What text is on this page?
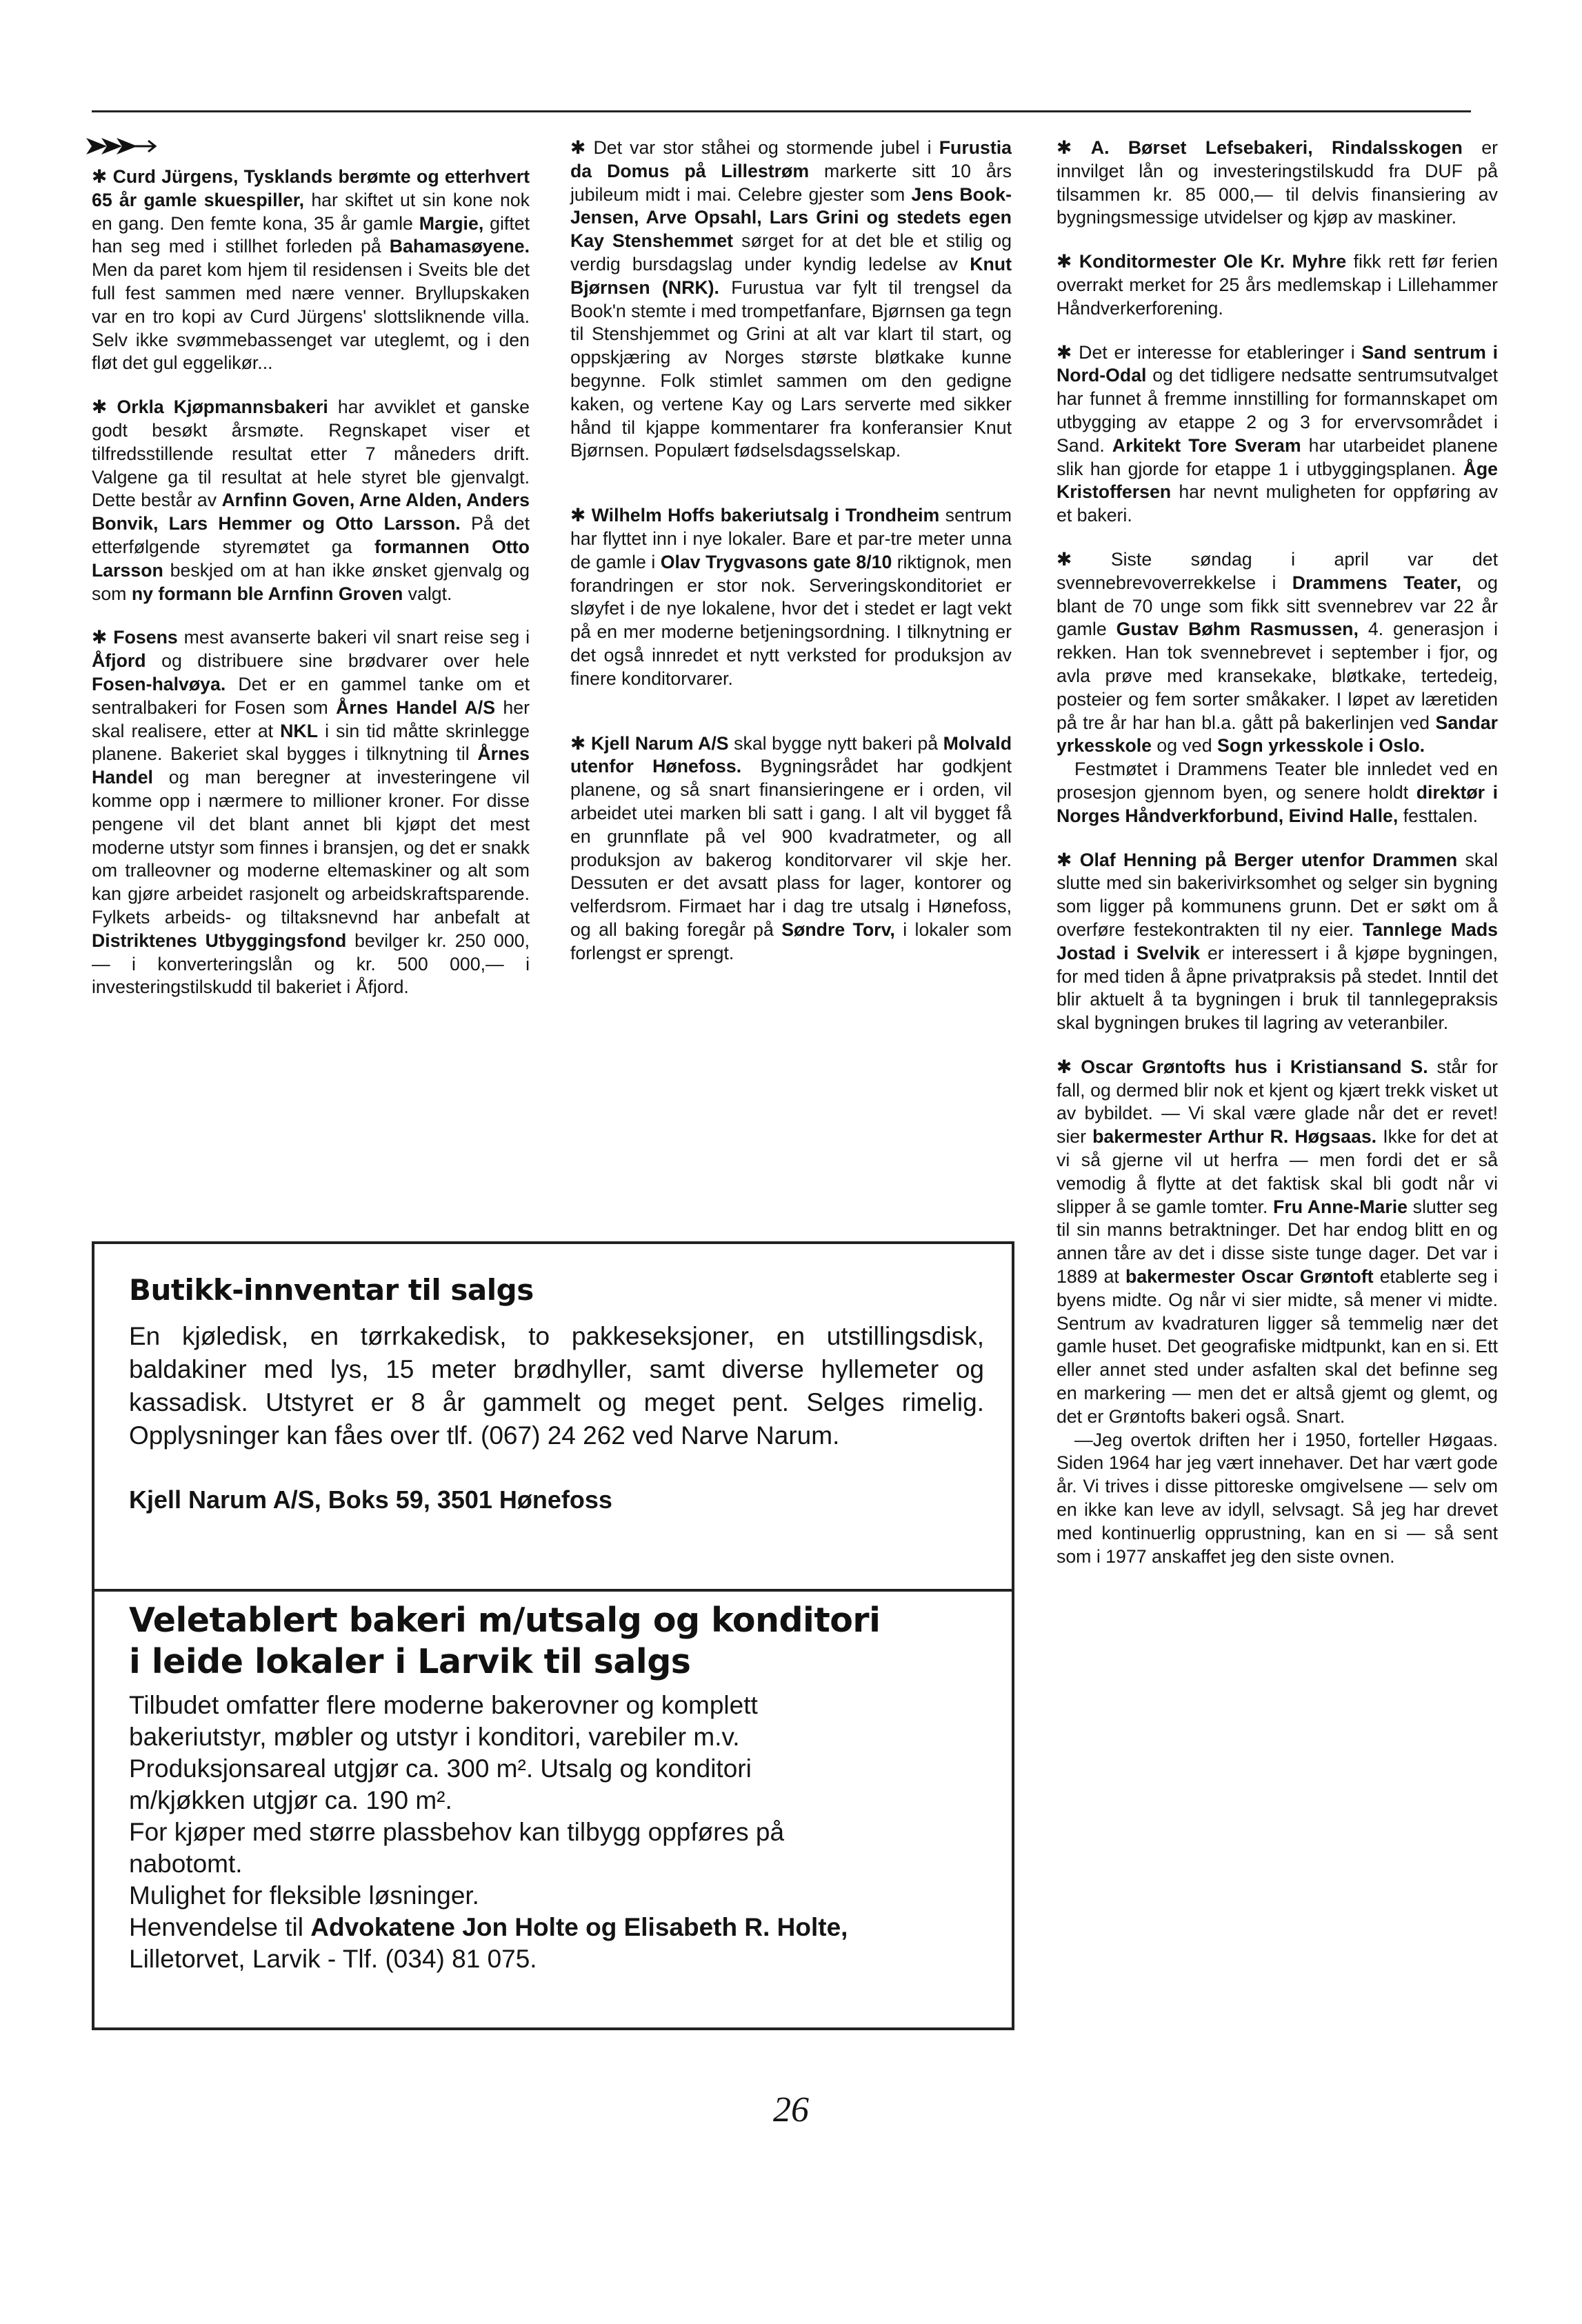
✱ Curd Jürgens, Tysklands berømte og etterhvert 65 år gamle skuespiller, har skiftet ut sin kone nok en gang. Den femte kona, 35 år gamle Margie, giftet han seg med i stillhet forleden på Bahamasøyene. Men da paret kom hjem til residensen i Sveits ble det full fest sammen med nære venner. Bryllupskaken var en tro kopi av Curd Jürgens' slottsliknende villa. Selv ikke svømmebassenget var uteglemt, og i den fløt det gul eggelikør...

✱ Orkla Kjøpmannsbakeri har avviklet et ganske godt besøkt årsmøte. Regnskapet viser et tilfredsstillende resultat etter 7 måneders drift. Valgene ga til resultat at hele styret ble gjenvalgt. Dette består av Arnfinn Goven, Arne Alden, Anders Bonvik, Lars Hemmer og Otto Larsson. På det etterfølgende styremøtet ga formannen Otto Larsson beskjed om at han ikke ønsket gjenvalg og som ny formann ble Arnfinn Groven valgt.

✱ Fosens mest avanserte bakeri vil snart reise seg i Åfjord og distribuere sine brødvarer over hele Fosen-halvøya. Det er en gammel tanke om et sentralbakeri for Fosen som Årnes Handel A/S her skal realisere, etter at NKL i sin tid måtte skrinlegge planene. Bakeriet skal bygges i tilknytning til Årnes Handel og man beregner at investeringene vil komme opp i nærmere to millioner kroner. For disse pengene vil det blant annet bli kjøpt det mest moderne utstyr som finnes i bransjen, og det er snakk om tralleovner og moderne eltemaskiner og alt som kan gjøre arbeidet rasjonelt og arbeidskraftsparende. Fylkets arbeids- og tiltaksnevnd har anbefalt at Distriktenes Utbyggingsfond bevilger kr. 250 000,— i konverteringslån og kr. 500 000,— i investeringstilskudd til bakeriet i Åfjord.

✱ Det var stor ståhei og stormende jubel i Furustia da Domus på Lillestrøm markerte sitt 10 års jubileum midt i mai. Celebre gjester som Jens Book-Jensen, Arve Opsahl, Lars Grini og stedets egen Kay Stenshemmet sørget for at det ble et stilig og verdig bursdagslag under kyndig ledelse av Knut Bjørnsen (NRK). Furustua var fylt til trengsel da Book'n stemte i med trompetfanfare, Bjørnsen ga tegn til Stenshjemmet og Grini at alt var klart til start, og oppskjæring av Norges største bløtkake kunne begynne. Folk stimlet sammen om den gedigne kaken, og vertene Kay og Lars serverte med sikker hånd til kjappe kommentarer fra konferansier Knut Bjørnsen. Populært fødselsdagsselskap.

✱ Wilhelm Hoffs bakeriutsalg i Trondheim sentrum har flyttet inn i nye lokaler. Bare et par-tre meter unna de gamle i Olav Trygvasons gate 8/10 riktignok, men forandringen er stor nok. Serveringskonditoriet er sløyfet i de nye lokalene, hvor det i stedet er lagt vekt på en mer moderne betjeningsordning. I tilknytning er det også innredet et nytt verksted for produksjon av finere konditorvarer.

✱ Kjell Narum A/S skal bygge nytt bakeri på Molvald utenfor Hønefoss. Bygningsrådet har godkjent planene, og så snart finansieringene er i orden, vil arbeidet utei marken bli satt i gang. I alt vil bygget få en grunnflate på vel 900 kvadratmeter, og all produksjon av bakerog konditorvarer vil skje her. Dessuten er det avsatt plass for lager, kontorer og velferdsrom. Firmaet har i dag tre utsalg i Hønefoss, og all baking foregår på Søndre Torv, i lokaler som forlengst er sprengt.

✱ A. Børset Lefsebakeri, Rindalsskogen er innvilget lån og investeringstilskudd fra DUF på tilsammen kr. 85 000,— til delvis finansiering av bygningsmessige utvidelser og kjøp av maskiner.

✱ Konditormester Ole Kr. Myhre fikk rett før ferien overrakt merket for 25 års medlemskap i Lillehammer Håndverkerforening.

✱ Det er interesse for etableringer i Sand sentrum i Nord-Odal og det tidligere nedsatte sentrumsutvalget har funnet å fremme innstilling for formannskapet om utbygging av etappe 2 og 3 for ervervsområdet i Sand. Arkitekt Tore Sveram har utarbeidet planene slik han gjorde for etappe 1 i utbyggingsplanen. Åge Kristoffersen har nevnt muligheten for oppføring av et bakeri.

✱ Siste søndag i april var det svennebrevoverrekkelse i Drammens Teater, og blant de 70 unge som fikk sitt svennebrev var 22 år gamle Gustav Bøhm Rasmussen, 4. generasjon i rekken. Han tok svennebrevet i september i fjor, og avla prøve med kransekake, bløtkake, tertedeig, posteier og fem sorter småkaker. I løpet av læretiden på tre år har han bl.a. gått på bakerlinjen ved Sandar yrkesskole og ved Sogn yrkesskole i Oslo.

Festmøtet i Drammens Teater ble innledet ved en prosesjon gjennom byen, og senere holdt direktør i Norges Håndverkforbund, Eivind Halle, festtalen.

✱ Olaf Henning på Berger utenfor Drammen skal slutte med sin bakerivirksomhet og selger sin bygning som ligger på kommunens grunn. Det er søkt om å overføre festekontrakten til ny eier. Tannlege Mads Jostad i Svelvik er interessert i å kjøpe bygningen, for med tiden å åpne privatpraksis på stedet. Inntil det blir aktuelt å ta bygningen i bruk til tannlegepraksis skal bygningen brukes til lagring av veteranbiler.

✱ Oscar Grøntofts hus i Kristiansand S. står for fall, og dermed blir nok et kjent og kjært trekk visket ut av bybildet. — Vi skal være glade når det er revet! sier bakermester Arthur R. Høgsaas. Ikke for det at vi så gjerne vil ut herfra — men fordi det er så vemodig å flytte at det faktisk skal bli godt når vi slipper å se gamle tomter. Fru Anne-Marie slutter seg til sin manns betraktninger. Det har endog blitt en og annen tåre av det i disse siste tunge dager. Det var i 1889 at bakermester Oscar Grøntoft etablerte seg i byens midte. Og når vi sier midte, så mener vi midte. Sentrum av kvadraturen ligger så temmelig nær det gamle huset. Det geografiske midtpunkt, kan en si. Ett eller annet sted under asfalten skal det befinne seg en markering — men det er altså gjemt og glemt, og det er Grøntofts bakeri også. Snart.

—Jeg overtok driften her i 1950, forteller Høgaas. Siden 1964 har jeg vært innehaver. Det har vært gode år. Vi trives i disse pittoreske omgivelsene — selv om en ikke kan leve av idyll, selvsagt. Så jeg har drevet med kontinuerlig opprustning, kan en si — så sent som i 1977 anskaffet jeg den siste ovnen.

Butikk-innventar til salgs
En kjøledisk, en tørrkakedisk, to pakkeseksjoner, en utstillingsdisk, baldakiner med lys, 15 meter brødhyller, samt diverse hyllemeter og kassadisk. Utstyret er 8 år gammelt og meget pent. Selges rimelig. Opplysninger kan fåes over tlf. (067) 24 262 ved Narve Narum.
Kjell Narum A/S, Boks 59, 3501 Hønefoss
Veletablert bakeri m/utsalg og konditori
i leide lokaler i Larvik til salgs
Tilbudet omfatter flere moderne bakerovner og komplett
bakeriutstyr, møbler og utstyr i konditori, varebiler m.v.
Produksjonsareal utgjør ca. 300 m². Utsalg og konditori
m/kjøkken utgjør ca. 190 m².
For kjøper med større plassbehov kan tilbygg oppføres på
nabotomt.
Mulighet for fleksible løsninger.
Henvendelse til Advokatene Jon Holte og Elisabeth R. Holte,
Lilletorvet, Larvik - Tlf. (034) 81 075.
26
